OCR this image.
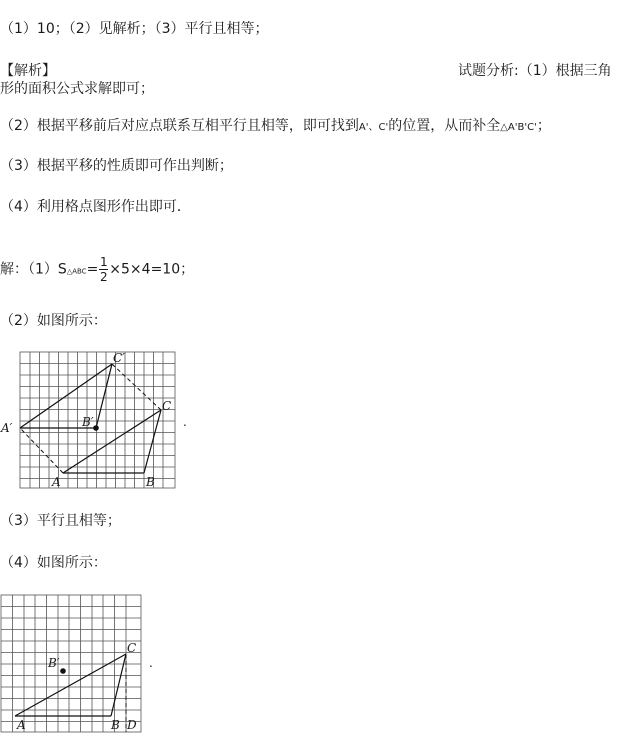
（1）10；（2）见解析；（3）平行且相等；
【解析】	试题分析:（1）根据三角
形的面积公式求解即可；
（2）根据平移前后对应点联系互相平行且相等，即可找到A'、C'的位置，从而补全△A'B'C'；
（3）根据平移的性质即可作出判断；
（4）利用格点图形作出即可．
解：（1）S△ABC= $\frac{1}{2} \times 5\times 4=10$；
（2）如图所示：
C′
C
B′
A′
A	B
.
（3）平行且相等；
（4）如图所示：
B′
C
A	B D
.
